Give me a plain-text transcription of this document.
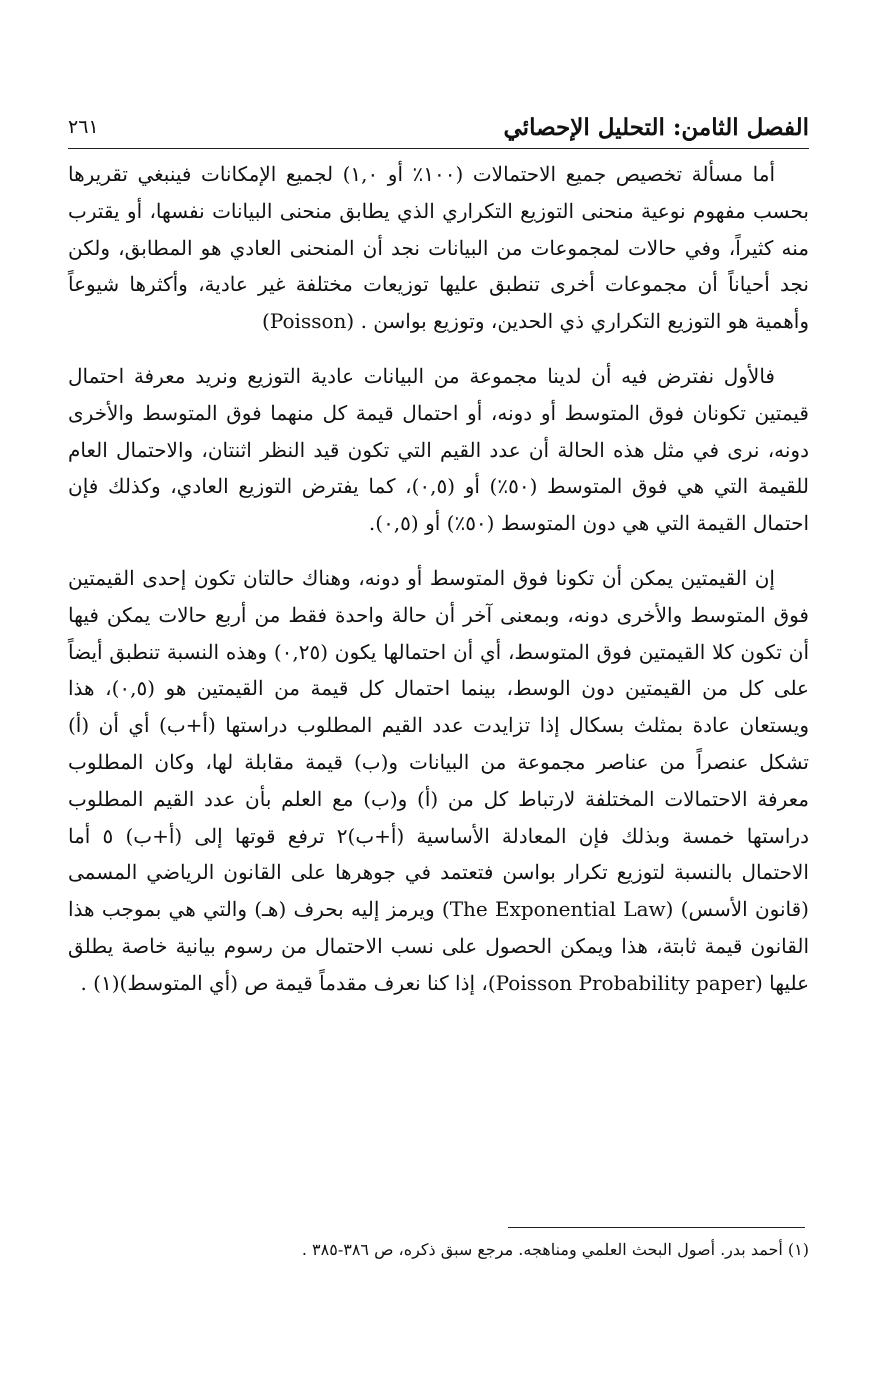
الفصل الثامن: التحليل الإحصائي
٢٦١

أما مسألة تخصيص جميع الاحتمالات (١٠٠٪ أو ١,٠) لجميع الإمكانات فينبغي تقريرها بحسب مفهوم نوعية منحنى التوزيع التكراري الذي يطابق منحنى البيانات نفسها، أو يقترب منه كثيراً، وفي حالات لمجموعات من البيانات نجد أن المنحنى العادي هو المطابق، ولكن نجد أحياناً أن مجموعات أخرى تنطبق عليها توزيعات مختلفة غير عادية، وأكثرها شيوعاً وأهمية هو التوزيع التكراري ذي الحدين، وتوزيع بواسن . (Poisson)

فالأول نفترض فيه أن لدينا مجموعة من البيانات عادية التوزيع ونريد معرفة احتمال قيمتين تكونان فوق المتوسط أو دونه، أو احتمال قيمة كل منهما فوق المتوسط والأخرى دونه، نرى في مثل هذه الحالة أن عدد القيم التي تكون قيد النظر اثنتان، والاحتمال العام للقيمة التي هي فوق المتوسط (٥٠٪) أو (٠,٥)، كما يفترض التوزيع العادي، وكذلك فإن احتمال القيمة التي هي دون المتوسط (٥٠٪) أو (٠,٥).

إن القيمتين يمكن أن تكونا فوق المتوسط أو دونه، وهناك حالتان تكون إحدى القيمتين فوق المتوسط والأخرى دونه، وبمعنى آخر أن حالة واحدة فقط من أربع حالات يمكن فيها أن تكون كلا القيمتين فوق المتوسط، أي أن احتمالها يكون (٠,٢٥) وهذه النسبة تنطبق أيضاً على كل من القيمتين دون الوسط، بينما احتمال كل قيمة من القيمتين هو (٠,٥)، هذا ويستعان عادة بمثلث بسكال إذا تزايدت عدد القيم المطلوب دراستها (أ+ب) أي أن (أ) تشكل عنصراً من عناصر مجموعة من البيانات و(ب) قيمة مقابلة لها، وكان المطلوب معرفة الاحتمالات المختلفة لارتباط كل من (أ) و(ب) مع العلم بأن عدد القيم المطلوب دراستها خمسة وبذلك فإن المعادلة الأساسية (أ+ب)٢ ترفع قوتها إلى (أ+ب) ٥ أما الاحتمال بالنسبة لتوزيع تكرار بواسن فتعتمد في جوهرها على القانون الرياضي المسمى (قانون الأسس) (The Exponential Law) ويرمز إليه بحرف (هـ) والتي هي بموجب هذا القانون قيمة ثابتة، هذا ويمكن الحصول على نسب الاحتمال من رسوم بيانية خاصة يطلق عليها (Poisson Probability paper)، إذا كنا نعرف مقدماً قيمة ص (أي المتوسط)(١) .

(١) أحمد بدر. أصول البحث العلمي ومناهجه. مرجع سبق ذكره، ص ٣٨٦-٣٨٥ .
